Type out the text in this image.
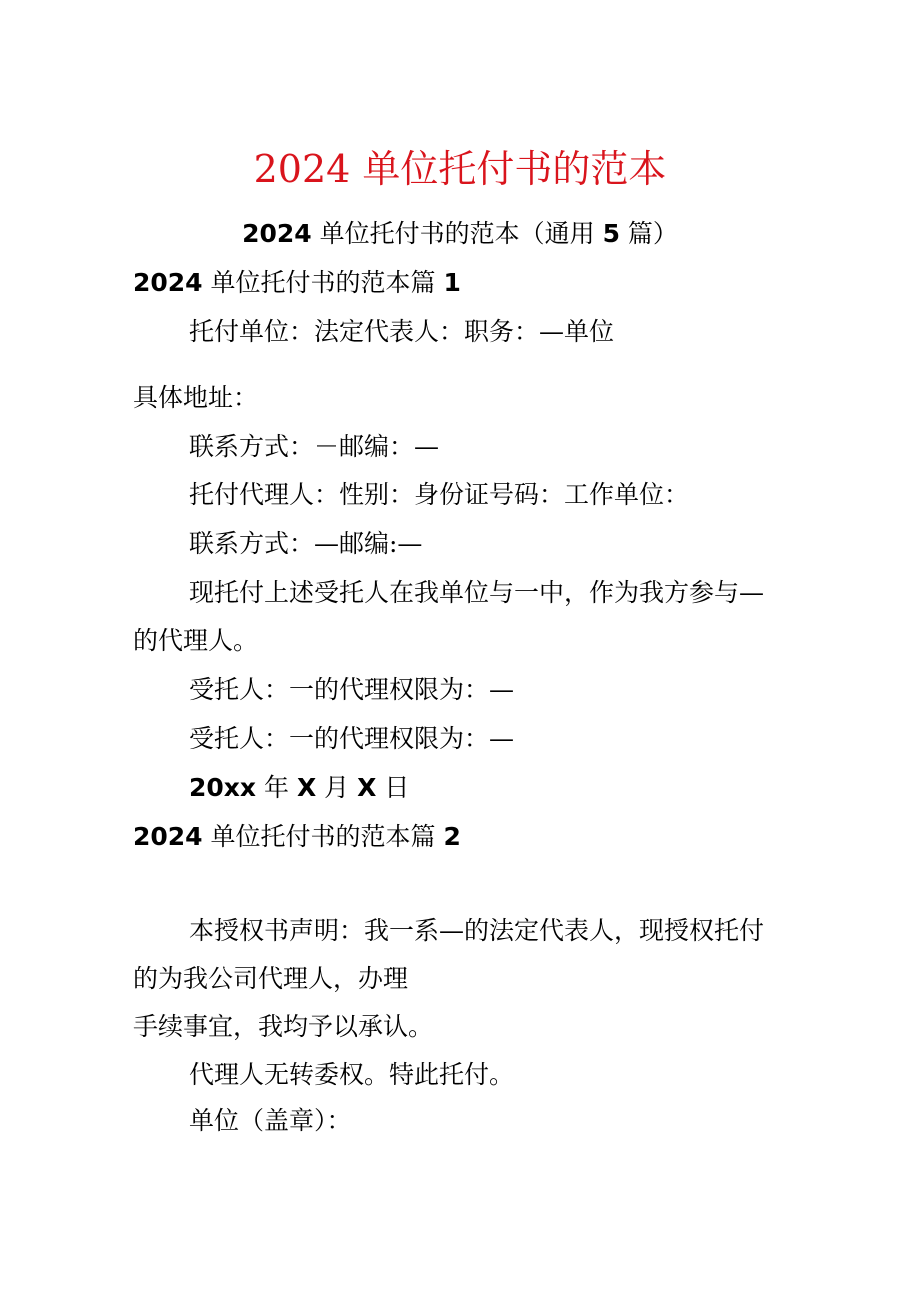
2024 单位托付书的范本
2024 单位托付书的范本（通用 5 篇）
2024 单位托付书的范本篇 1
托付单位：法定代表人：职务：—单位
具体地址：
联系方式：－邮编：—
托付代理人：性别：身份证号码：工作单位：
联系方式：—邮编:—
现托付上述受托人在我单位与一中，作为我方参与—
的代理人。
受托人：一的代理权限为：—
受托人：一的代理权限为：—
20xx 年 X 月 X 日
2024 单位托付书的范本篇 2
本授权书声明：我一系—的法定代表人，现授权托付
的为我公司代理人，办理
手续事宜，我均予以承认。
代理人无转委权。特此托付。
单位（盖章）：
